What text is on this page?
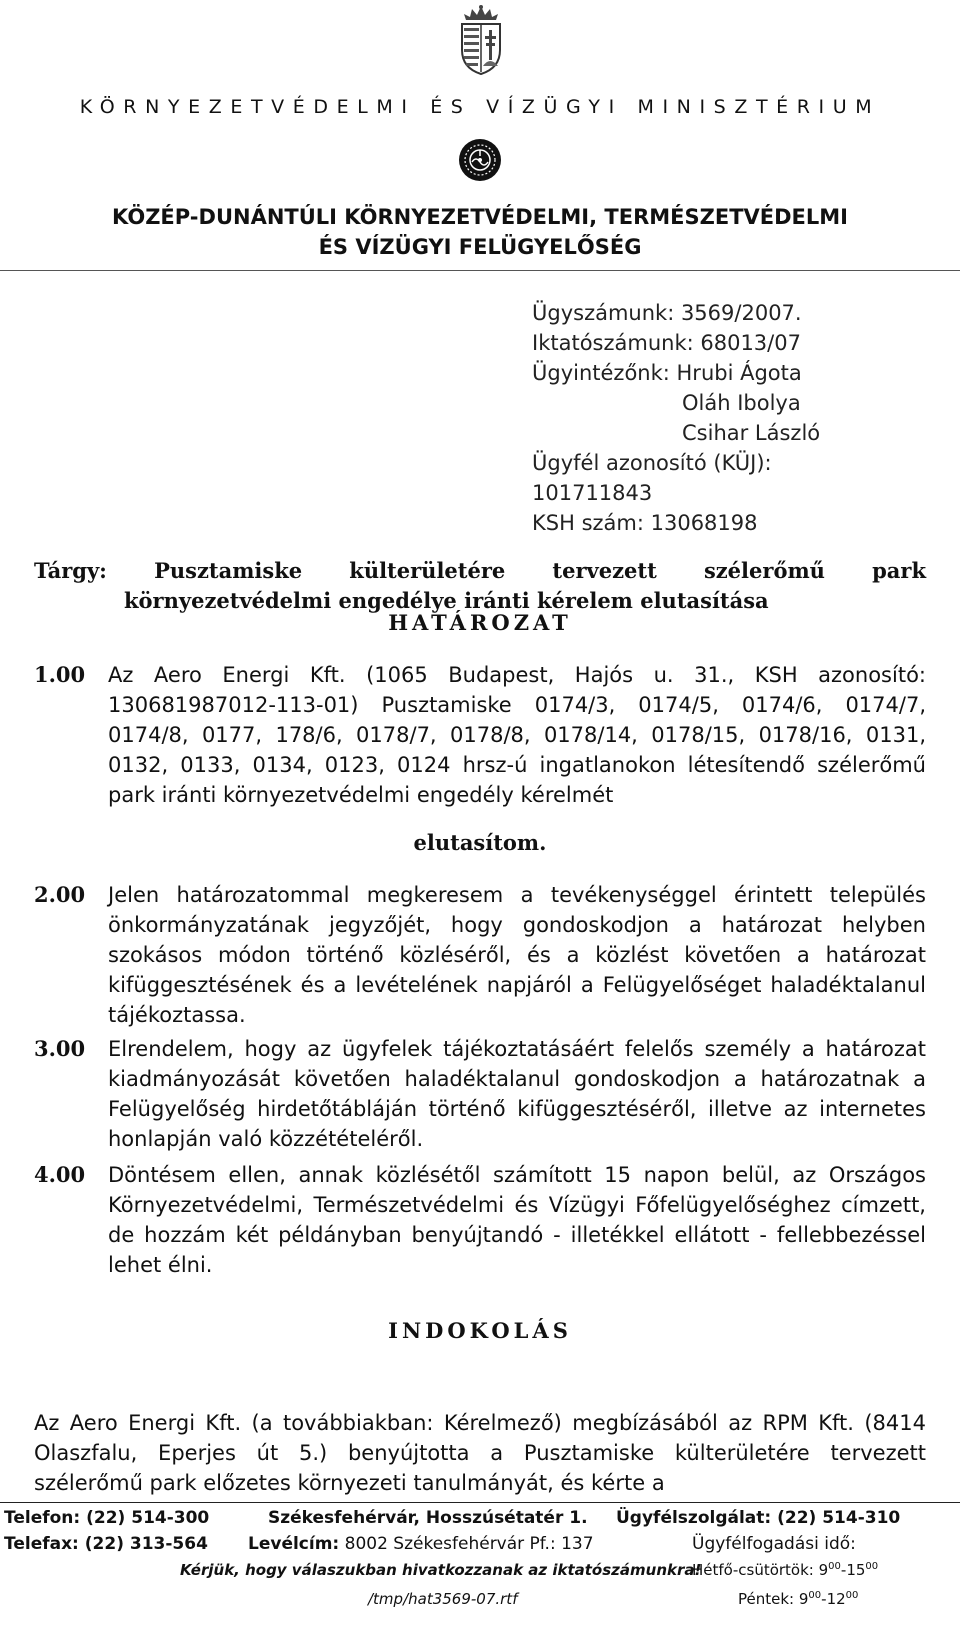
KÖRNYEZETVÉDELMI ÉS VÍZÜGYI MINISZTÉRIUM
KÖZÉP-DUNÁNTÚLI KÖRNYEZETVÉDELMI, TERMÉSZETVÉDELMI
ÉS VÍZÜGYI FELÜGYELŐSÉG
Ügyszámunk: 3569/2007.
Iktatószámunk: 68013/07
Ügyintézőnk: Hrubi Ágota
Oláh Ibolya
Csihar László
Ügyfél azonosító (KÜJ):
101711843
KSH szám: 13068198
Tárgy: Pusztamiske külterületére tervezett szélerőmű park
környezetvédelmi engedélye iránti kérelem elutasítása
HATÁROZAT
1.00 Az Aero Energi Kft. (1065 Budapest, Hajós u. 31., KSH azonosító: 130681987012-113-01) Pusztamiske 0174/3, 0174/5, 0174/6, 0174/7, 0174/8, 0177, 178/6, 0178/7, 0178/8, 0178/14, 0178/15, 0178/16, 0131, 0132, 0133, 0134, 0123, 0124 hrsz-ú ingatlanokon létesítendő szélerőmű park iránti környezetvédelmi engedély kérelmét
elutasítom.
2.00 Jelen határozatommal megkeresem a tevékenységgel érintett település önkormányzatának jegyzőjét, hogy gondoskodjon a határozat helyben szokásos módon történő közléséről, és a közlést követően a határozat kifüggesztésének és a levételének napjáról a Felügyelőséget haladéktalanul tájékoztassa.
3.00 Elrendelem, hogy az ügyfelek tájékoztatásáért felelős személy a határozat kiadmányozását követően haladéktalanul gondoskodjon a határozatnak a Felügyelőség hirdetőtábláján történő kifüggesztéséről, illetve az internetes honlapján való közzétételéről.
4.00 Döntésem ellen, annak közlésétől számított 15 napon belül, az Országos Környezetvédelmi, Természetvédelmi és Vízügyi Főfelügyelőséghez címzett, de hozzám két példányban benyújtandó - illetékkel ellátott - fellebbezéssel lehet élni.
INDOKOLÁS
Az Aero Energi Kft. (a továbbiakban: Kérelmező) megbízásából az RPM Kft. (8414 Olaszfalu, Eperjes út 5.) benyújtotta a Pusztamiske külterületére tervezett szélerőmű park előzetes környezeti tanulmányát, és kérte a
Telefon: (22) 514-300	Székesfehérvár, Hosszúsétatér 1. Ügyfélszolgálat: (22) 514-310
Telefax: (22) 313-564 Levélcím: 8002 Székesfehérvár Pf.: 137	Ügyfélfogadási idő:
Kérjük, hogy válaszukban hivatkozzanak az iktatószámunkra!
Hétfő-csütörtök: $9^{00}-15^{00}$
/tmp/hat3569-07.rtf	Péntek: $9^{00}-12^{00}$
